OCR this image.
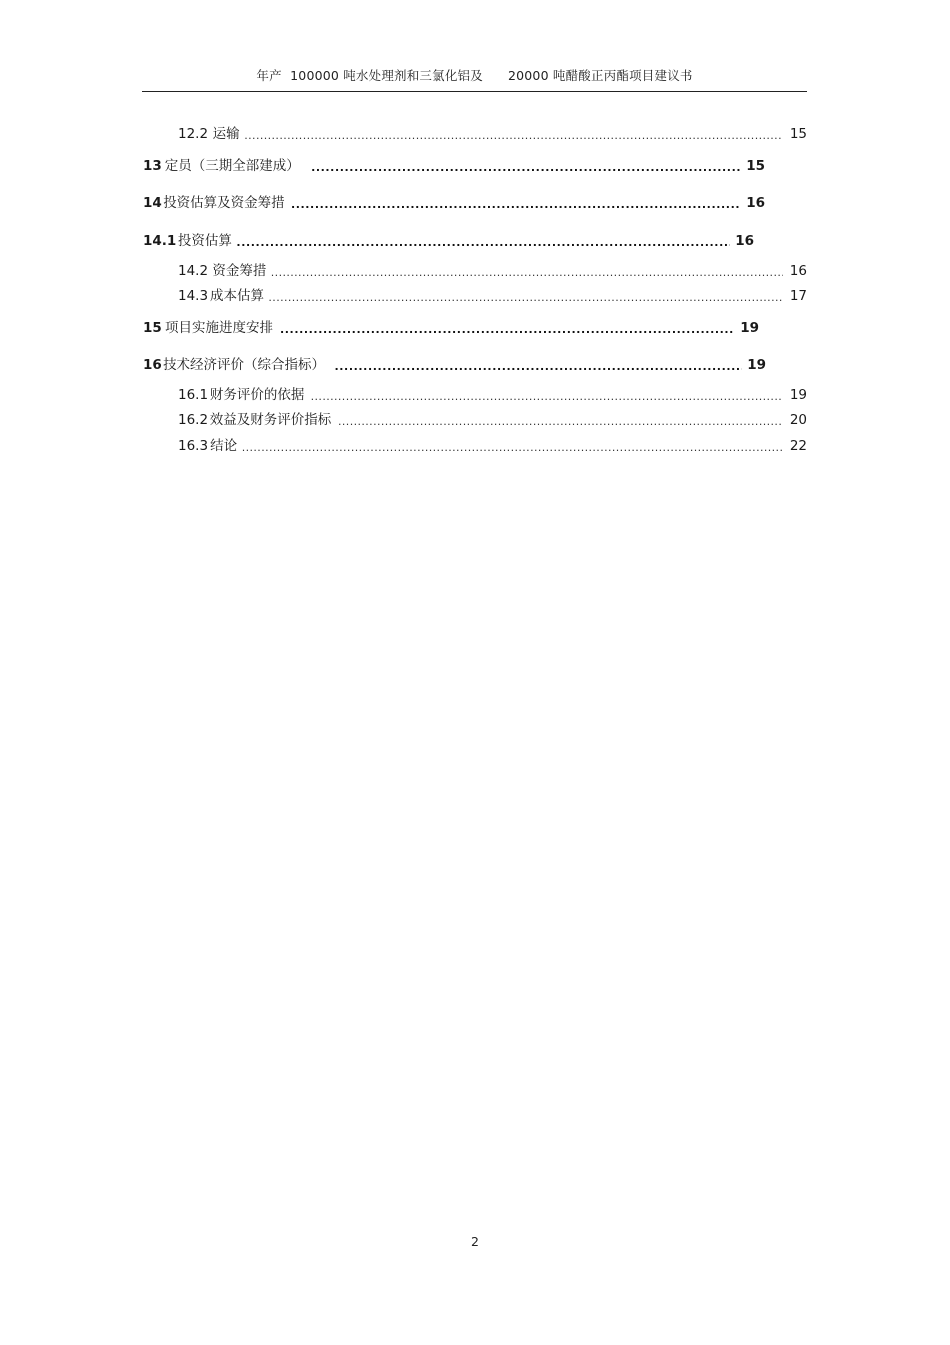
年产  100000 吨水处理剂和三氯化铝及      20000 吨醋酸正丙酯项目建议书
12.2 运输 .....	15
13 定员（三期全部建成） .....	15
14 投资估算及资金筹措 .....	16
14.1 投资估算 .....	16
14.2 资金筹措 .....	16
14.3 成本估算 .....	17
15 项目实施进度安排 .....	19
16 技术经济评价（综合指标） .....	19
16.1 财务评价的依据 .....	19
16.2 效益及财务评价指标 .....	20
16.3 结论 .....	22
2
